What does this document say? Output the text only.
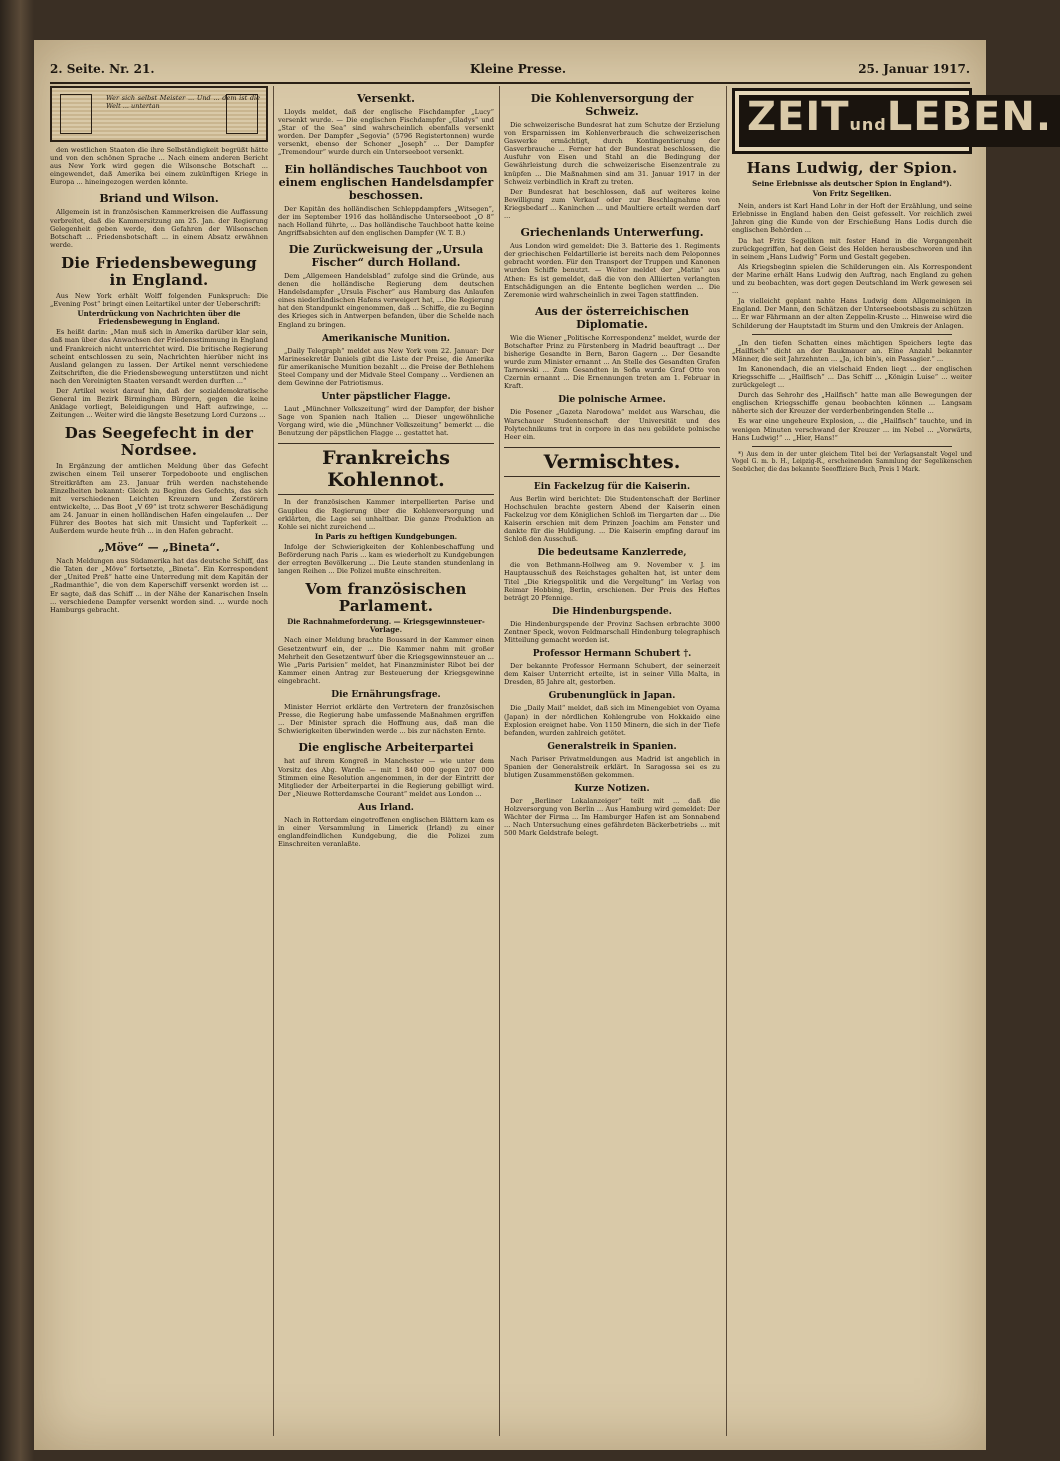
2. Seite. Nr. 21.	Kleine Presse.	25. Januar 1917.
Wer sich selbst Meister ... Und ... dem ist die Welt ... untertan

den westlichen Staaten die ihre Selbständigkeit begrüßt hätte und von den schönen Sprache ... Nach einem anderen Bericht aus New York wird gegen die Wilsonsche Botschaft ... eingewendet, daß Amerika bei einem zukünftigen Kriege in Europa ... hineingezogen werden könnte.

Briand und Wilson.

Allgemein ist in französischen Kammerkreisen die Auffassung verbreitet, daß die Kammersitzung am 25. Jan. der Regierung Gelegenheit geben werde, den Gefahren der Wilsonschen Botschaft ... Friedensbotschaft ... in einem Absatz erwähnen werde.

Die Friedensbewegung in England.

Aus New York erhält Wolff folgenden Funkspruch: Die „Evening Post“ bringt einen Leitartikel unter der Ueberschrift:

Unterdrückung von Nachrichten über die Friedensbewegung in England.

Es heißt darin: „Man muß sich in Amerika darüber klar sein, daß man über das Anwachsen der Friedensstimmung in England und Frankreich nicht unterrichtet wird. Die britische Regierung scheint entschlossen zu sein, Nachrichten hierüber nicht ins Ausland gelangen zu lassen. Der Artikel nennt verschiedene Zeitschriften, die die Friedensbewegung unterstützen und nicht nach den Vereinigten Staaten versandt werden durften ...“

Der Artikel weist darauf hin, daß der sozialdemokratische General im Bezirk Birmingham Bürgern, gegen die keine Anklage vorliegt, Beleidigungen und Haft aufzwinge, ... Zeitungen ... Weiter wird die längste Besetzung Lord Curzons ...

Das Seegefecht in der Nordsee.

In Ergänzung der amtlichen Meldung über das Gefecht zwischen einem Teil unserer Torpedoboote und englischen Streitkräften am 23. Januar früh werden nachstehende Einzelheiten bekannt: Gleich zu Beginn des Gefechts, das sich mit verschiedenen Leichten Kreuzern und Zerstörern entwickelte, ... Das Boot „V 69“ ist trotz schwerer Beschädigung am 24. Januar in einen holländischen Hafen eingelaufen ... Der Führer des Bootes hat sich mit Umsicht und Tapferkeit ... Außerdem wurde heute früh ... in den Hafen gebracht.

„Möve“ — „Bineta“.

Nach Meldungen aus Südamerika hat das deutsche Schiff, das die Taten der „Möve“ fortsetzte, „Bineta“. Ein Korrespondent der „United Preß“ hatte eine Unterredung mit dem Kapitän der „Radmanthie“, die von dem Kaperschiff versenkt worden ist ... Er sagte, daß das Schiff ... in der Nähe der Kanarischen Inseln ... verschiedene Dampfer versenkt worden sind. ... wurde noch Hamburgs gebracht.

Versenkt.

Lloyds meldet, daß der englische Fischdampfer „Lucy“ versenkt wurde. — Die englischen Fischdampfer „Gladys“ und „Star of the Sea“ sind wahrscheinlich ebenfalls versenkt worden. Der Dampfer „Segovia“ (5796 Registertonnen) wurde versenkt, ebenso der Schoner „Joseph“ ... Der Dampfer „Tremendour“ wurde durch ein Unterseeboot versenkt.

Ein holländisches Tauchboot von einem englischen Handelsdampfer beschossen.

Der Kapitän des holländischen Schleppdampfers „Witsegen“, der im September 1916 das holländische Unterseeboot „O 8“ nach Holland führte, ... Das holländische Tauchboot hatte keine Angriffsabsichten auf den englischen Dampfer (W. T. B.)

Die Zurückweisung der „Ursula Fischer“ durch Holland.

Dem „Allgemeen Handelsblad“ zufolge sind die Gründe, aus denen die holländische Regierung dem deutschen Handelsdampfer „Ursula Fischer“ aus Hamburg das Anlaufen eines niederländischen Hafens verweigert hat, ... Die Regierung hat den Standpunkt eingenommen, daß ... Schiffe, die zu Beginn des Krieges sich in Antwerpen befanden, über die Schelde nach England zu bringen.

Amerikanische Munition.

„Daily Telegraph“ meldet aus New York vom 22. Januar: Der Marinesekretär Daniels gibt die Liste der Preise, die Amerika für amerikanische Munition bezahlt ... die Preise der Bethlehem Steel Company und der Midvale Steel Company ... Verdienen an dem Gewinne der Patriotismus.

Unter päpstlicher Flagge.

Laut „Münchner Volkszeitung“ wird der Dampfer, der bisher Sage von Spanien nach Italien ... Dieser ungewöhnliche Vorgang wird, wie die „Münchner Volkszeitung“ bemerkt ... die Benutzung der päpstlichen Flagge ... gestattet hat.

Frankreichs Kohlennot.

In der französischen Kammer interpellierten Parise und Gauplieu die Regierung über die Kohlenversorgung und erklärten, die Lage sei unhaltbar. Die ganze Produktion an Kohle sei nicht zureichend ...

In Paris zu heftigen Kundgebungen.

Infolge der Schwierigkeiten der Kohlenbeschaffung und Beförderung nach Paris ... kam es wiederholt zu Kundgebungen der erregten Bevölkerung ... Die Leute standen stundenlang in langen Reihen ... Die Polizei mußte einschreiten.

Vom französischen Parlament.
Die Rachnahmeforderung. — Kriegsgewinnsteuer-Vorlage.

Nach einer Meldung brachte Boussard in der Kammer einen Gesetzentwurf ein, der ... Die Kammer nahm mit großer Mehrheit den Gesetzentwurf über die Kriegsgewinnsteuer an ... Wie „Paris Parisien“ meldet, hat Finanzminister Ribot bei der Kammer einen Antrag zur Besteuerung der Kriegsgewinne eingebracht.

Die Ernährungsfrage.

Minister Herriot erklärte den Vertretern der französischen Presse, die Regierung habe umfassende Maßnahmen ergriffen ... Der Minister sprach die Hoffnung aus, daß man die Schwierigkeiten überwinden werde ... bis zur nächsten Ernte.

Die englische Arbeiterpartei

hat auf ihrem Kongreß in Manchester — wie unter dem Vorsitz des Abg. Wardle — mit 1 840 000 gegen 207 000 Stimmen eine Resolution angenommen, in der der Eintritt der Mitglieder der Arbeiterpartei in die Regierung gebilligt wird. Der „Nieuwe Rotterdamsche Courant“ meldet aus London ...

Aus Irland.

Nach in Rotterdam eingetroffenen englischen Blättern kam es in einer Versammlung in Limerick (Irland) zu einer englandfeindlichen Kundgebung, die die Polizei zum Einschreiten veranlaßte.

Die Kohlenversorgung der Schweiz.

Die schweizerische Bundesrat hat zum Schutze der Erzielung von Ersparnissen im Kohlenverbrauch die schweizerischen Gaswerke ermächtigt, durch Kontingentierung der Gasverbrauche ... Ferner hat der Bundesrat beschlossen, die Ausfuhr von Eisen und Stahl an die Bedingung der Gewährleistung durch die schweizerische Eisenzentrale zu knüpfen ... Die Maßnahmen sind am 31. Januar 1917 in der Schweiz verbindlich in Kraft zu treten.

Der Bundesrat hat beschlossen, daß auf weiteres keine Bewilligung zum Verkauf oder zur Beschlagnahme von Kriegsbedarf ... Kaninchen ... und Maultiere erteilt werden darf ...

Griechenlands Unterwerfung.

Aus London wird gemeldet: Die 3. Batterie des 1. Regiments der griechischen Feldartillerie ist bereits nach dem Peloponnes gebracht worden. Für den Transport der Truppen und Kanonen wurden Schiffe benutzt. — Weiter meldet der „Matin“ aus Athen: Es ist gemeldet, daß die von den Alliierten verlangten Entschädigungen an die Entente beglichen werden ... Die Zeremonie wird wahrscheinlich in zwei Tagen stattfinden.

Aus der österreichischen Diplomatie.

Wie die Wiener „Politische Korrespondenz“ meldet, wurde der Botschafter Prinz zu Fürstenberg in Madrid beauftragt ... Der bisherige Gesandte in Bern, Baron Gagern ... Der Gesandte wurde zum Minister ernannt ... An Stelle des Gesandten Grafen Tarnowski ... Zum Gesandten in Sofia wurde Graf Otto von Czernin ernannt ... Die Ernennungen treten am 1. Februar in Kraft.

Die polnische Armee.

Die Posener „Gazeta Narodowa“ meldet aus Warschau, die Warschauer Studentenschaft der Universität und des Polytechnikums trat in corpore in das neu gebildete polnische Heer ein.

Vermischtes.
Ein Fackelzug für die Kaiserin.

Aus Berlin wird berichtet: Die Studentenschaft der Berliner Hochschulen brachte gestern Abend der Kaiserin einen Fackelzug vor dem Königlichen Schloß im Tiergarten dar ... Die Kaiserin erschien mit dem Prinzen Joachim am Fenster und dankte für die Huldigung. ... Die Kaiserin empfing darauf im Schloß den Ausschuß.

Die bedeutsame Kanzlerrede,

die von Bethmann-Hollweg am 9. November v. J. im Hauptausschuß des Reichstages gehalten hat, ist unter dem Titel „Die Kriegspolitik und die Vergeltung“ im Verlag von Reimar Hobbing, Berlin, erschienen. Der Preis des Heftes beträgt 20 Pfennige.

Die Hindenburgspende.

Die Hindenburgspende der Provinz Sachsen erbrachte 3000 Zentner Speck, wovon Feldmarschall Hindenburg telegraphisch Mitteilung gemacht worden ist.

Professor Hermann Schubert †.

Der bekannte Professor Hermann Schubert, der seinerzeit dem Kaiser Unterricht erteilte, ist in seiner Villa Malta, in Dresden, 85 Jahre alt, gestorben.

Grubenunglück in Japan.

Die „Daily Mail“ meldet, daß sich im Minengebiet von Oyama (Japan) in der nördlichen Kohlengrube von Hokkaido eine Explosion ereignet habe. Von 1150 Minern, die sich in der Tiefe befanden, wurden zahlreich getötet.

Generalstreik in Spanien.

Nach Pariser Privatmeldungen aus Madrid ist angeblich in Spanien der Generalstreik erklärt. In Saragossa sei es zu blutigen Zusammenstößen gekommen.

Kurze Notizen.

Der „Berliner Lokalanzeiger“ teilt mit ... daß die Holzversorgung von Berlin ... Aus Hamburg wird gemeldet: Der Wächter der Firma ... Im Hamburger Hafen ist am Sonnabend ... Nach Untersuchung eines gefährdeten Bäckerbetriebs ... mit 500 Mark Geldstrafe belegt.

ZEITundLEBEN.
Hans Ludwig, der Spion.
Seine Erlebnisse als deutscher Spion in England*).
Von Fritz Segeliken.

Nein, anders ist Karl Hand Lohr in der Hoft der Erzählung, und seine Erlebnisse in England haben den Geist gefesselt. Vor reichlich zwei Jahren ging die Kunde von der Erschießung Hans Lodis durch die englischen Behörden ...

Da hat Fritz Segeliken mit fester Hand in die Vergangenheit zurückgegriffen, hat den Geist des Helden herausbeschworen und ihn in seinem „Hans Ludwig“ Form und Gestalt gegeben.

Als Kriegsbeginn spielen die Schilderungen ein. Als Korrespondent der Marine erhält Hans Ludwig den Auftrag, nach England zu gehen und zu beobachten, was dort gegen Deutschland im Werk gewesen sei ...

Ja vielleicht geplant nahte Hans Ludwig dem Allgemeinigen in England. Der Mann, den Schätzen der Unterseebootsbasis zu schützen ... Er war Fährmann an der alten Zeppelin-Kruste ... Hinweise wird die Schilderung der Hauptstadt im Sturm und den Umkreis der Anlagen.

„In den tiefen Schatten eines mächtigen Speichers legte das „Hailfisch“ dicht an der Baukmauer an. Eine Anzahl bekannter Männer, die seit Jahrzehnten ... „Ja, ich bin's, ein Passagier.“ ...

Im Kanonendach, die an vielschaid Enden liegt ... der englischen Kriegsschiffe ... „Hailfisch“ ... Das Schiff ... „Königin Luise“ ... weiter zurückgelegt ...

Durch das Sehrohr des „Hailfisch“ hatte man alle Bewegungen der englischen Kriegsschiffe genau beobachten können ... Langsam näherte sich der Kreuzer der verderbenbringenden Stelle ...

Es war eine ungeheure Explosion, ... die „Hailfisch“ tauchte, und in wenigen Minuten verschwand der Kreuzer ... im Nebel ... „Vorwärts, Hans Ludwig!“ ... „Hier, Hans!“

*) Aus dem in der unter gleichem Titel bei der Verlagsanstalt Vogel und Vogel G. m. b. H., Leipzig-R., erscheinenden Sammlung der Segelikenschen Seebücher, die das bekannte Seeoffiziere Buch, Preis 1 Mark.
